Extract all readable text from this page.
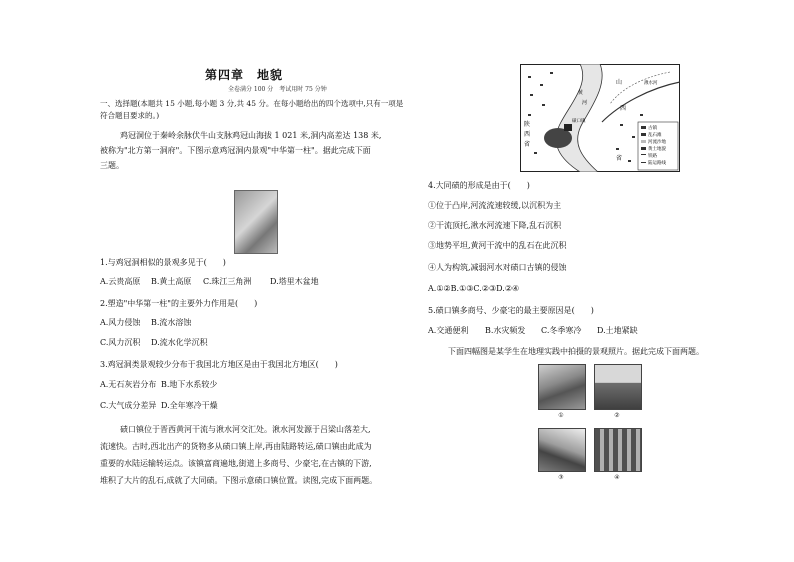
第四章　地貌
全卷满分 100 分　考试用时 75 分钟
一、选择题(本题共 15 小题,每小题 3 分,共 45 分。在每小题给出的四个选项中,只有一项是
符合题目要求的。)
鸡冠洞位于秦岭余脉伏牛山支脉鸡冠山海拔 1 021 米,洞内高差达 138 米,
被称为"北方第一洞府"。下图示意鸡冠洞内景观"中华第一柱"。据此完成下面
三题。
1.与鸡冠洞相似的景观多见于(　　)
A.云贵高原 B.黄土高原 C.珠江三角洲 D.塔里木盆地
2.塑造"中华第一柱"的主要外力作用是(　　)
A.风力侵蚀 B.流水溶蚀
C.风力沉积 D.流水化学沉积
3.鸡冠洞类景观较少分布于我国北方地区是由于我国北方地区(　　)
A.无石灰岩分布 B.地下水系较少
C.大气成分差异 D.全年寒冷干燥
碛口镇位于晋西黄河干流与湫水河交汇处。湫水河发源于吕梁山落差大,
流速快。古时,西北出产的货物多从碛口镇上岸,再由陆路转运,碛口镇由此成为
重要的水陆运输转运点。该镇富商遍地,街道上多商号、少豪宅,在古镇的下游,
堆积了大片的乱石,成就了大同碛。下图示意碛口镇位置。读图,完成下面两题。
古镇
乱石滩
河流沙地
黄土地貌
铁路
陆运路线
陕
西
省
山
西
省
黄
河
湫水河
碛口镇
4.大同碛的形成是由于(　　)
①位于凸岸,河流流速较缓,以沉积为主
②干流顶托,湫水河流速下降,乱石沉积
③地势平坦,黄河干流中的乱石在此沉积
④人为构筑,减弱河水对碛口古镇的侵蚀
A.①②B.①③C.②③D.②④
5.碛口镇多商号、少豪宅的最主要原因是(　　)
A.交通便利 B.水灾频发 C.冬季寒冷 D.土地紧缺
下面四幅图是某学生在地理实践中拍摄的景观照片。据此完成下面两题。
①	②
③	④
